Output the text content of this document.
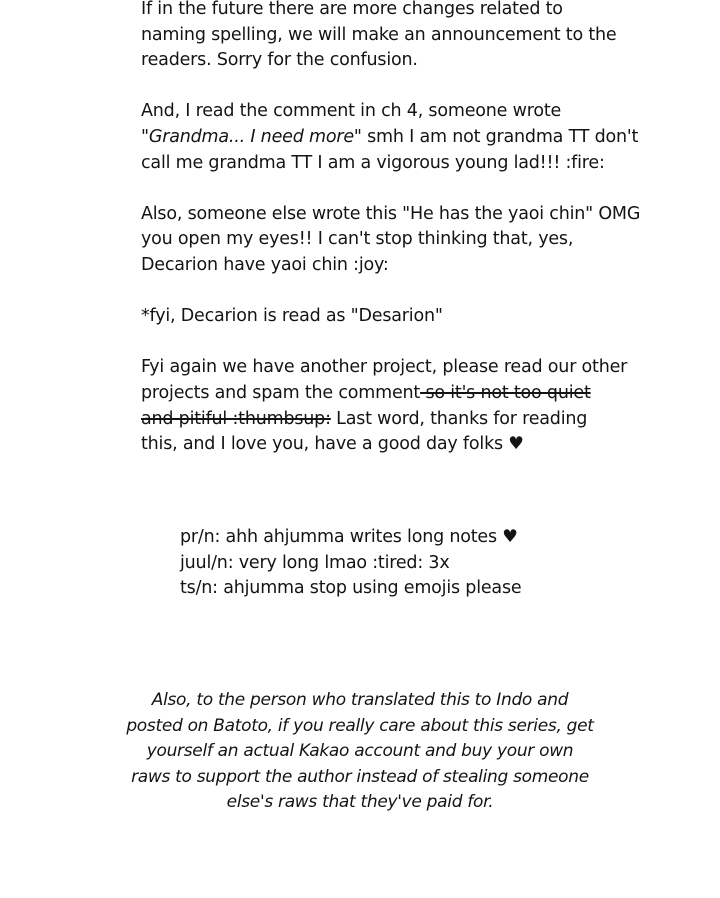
If in the future there are more changes related to
naming spelling, we will make an announcement to the
readers. Sorry for the confusion.

And, I read the comment in ch 4, someone wrote
"Grandma... I need more" smh I am not grandma TT don't
call me grandma TT I am a vigorous young lad!!! :fire:

Also, someone else wrote this "He has the yaoi chin" OMG
you open my eyes!! I can't stop thinking that, yes,
Decarion have yaoi chin :joy:

*fyi, Decarion is read as "Desarion"

Fyi again we have another project, please read our other
projects and spam the comment so it's not too quiet
and pitiful :thumbsup: Last word, thanks for reading
this, and I love you, have a good day folks ♥

pr/n: ahh ahjumma writes long notes ♥
juul/n: very long lmao :tired: 3x
ts/n: ahjumma stop using emojis please
Also, to the person who translated this to Indo and
posted on Batoto, if you really care about this series, get
yourself an actual Kakao account and buy your own
raws to support the author instead of stealing someone
else's raws that they've paid for.
